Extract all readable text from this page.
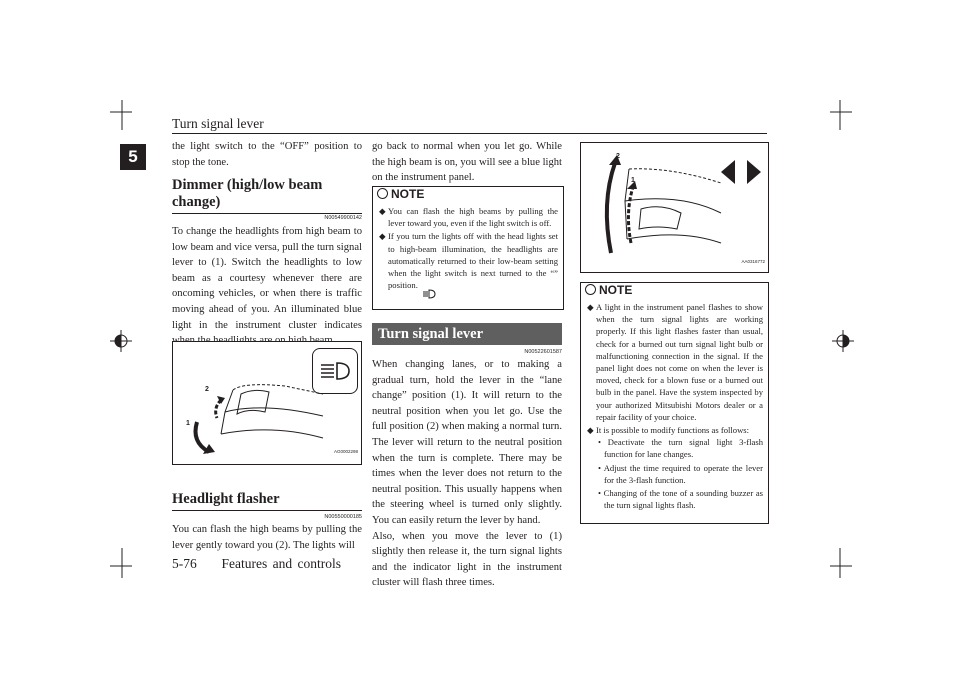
Turn signal lever
5

the light switch to the “OFF” position to stop the tone.

Dimmer (high/low beam change)
N00549900142

To change the headlights from high beam to low beam and vice versa, pull the turn signal lever to (1). Switch the headlights to low beam as a courtesy whenever there are oncoming vehicles, or when there is traffic moving ahead of you. An illuminated blue light in the instrument cluster indicates

1
2
AG0002298
Headlight flasher
N00550000185

You can flash the high beams by pulling the lever gently toward you (2). The lights will

go back to normal when you let go. While the high beam is on, you will see a blue light on the instrument panel.

NOTE
◆ You can flash the high beams by pulling the lever toward you, even if the light switch is off.
◆ If you turn the lights off with the head lights set to high-beam illumination, the headlights are automatically returned to their low-beam setting when the light switch is next turned to the “” position.
Turn signal lever
N00522601587

When changing lanes, or to making a gradual turn, hold the lever in the “lane change” position (1). It will return to the neutral position when you let go. Use the full position (2) when making a normal turn. The lever will return to the neutral position when the turn is complete. There may be times when the lever does not return to the neutral position. This usually happens when the steering wheel is turned only slightly. You can easily return the lever by hand.

Also, when you move the lever to (1) slightly then release it, the turn signal lights and the indicator light in the instrument cluster will flash three times.

2
1
AA0316772
NOTE
◆ A light in the instrument panel flashes to show when the turn signal lights are working properly. If this light flashes faster than usual, check for a burned out turn signal light bulb or malfunctioning connection in the signal. If the panel light does not come on when the lever is moved, check for a blown fuse or a burned out bulb in the panel. Have the system inspected by your authorized Mitsubishi Motors dealer or a repair facility of your choice.
◆ It is possible to modify functions as follows:
• Deactivate the turn signal light 3-flash function for lane changes.
• Adjust the time required to operate the lever for the 3-flash function.
• Changing of the tone of a sounding buzzer as the turn signal lights flash.
5-76 Features and controls
